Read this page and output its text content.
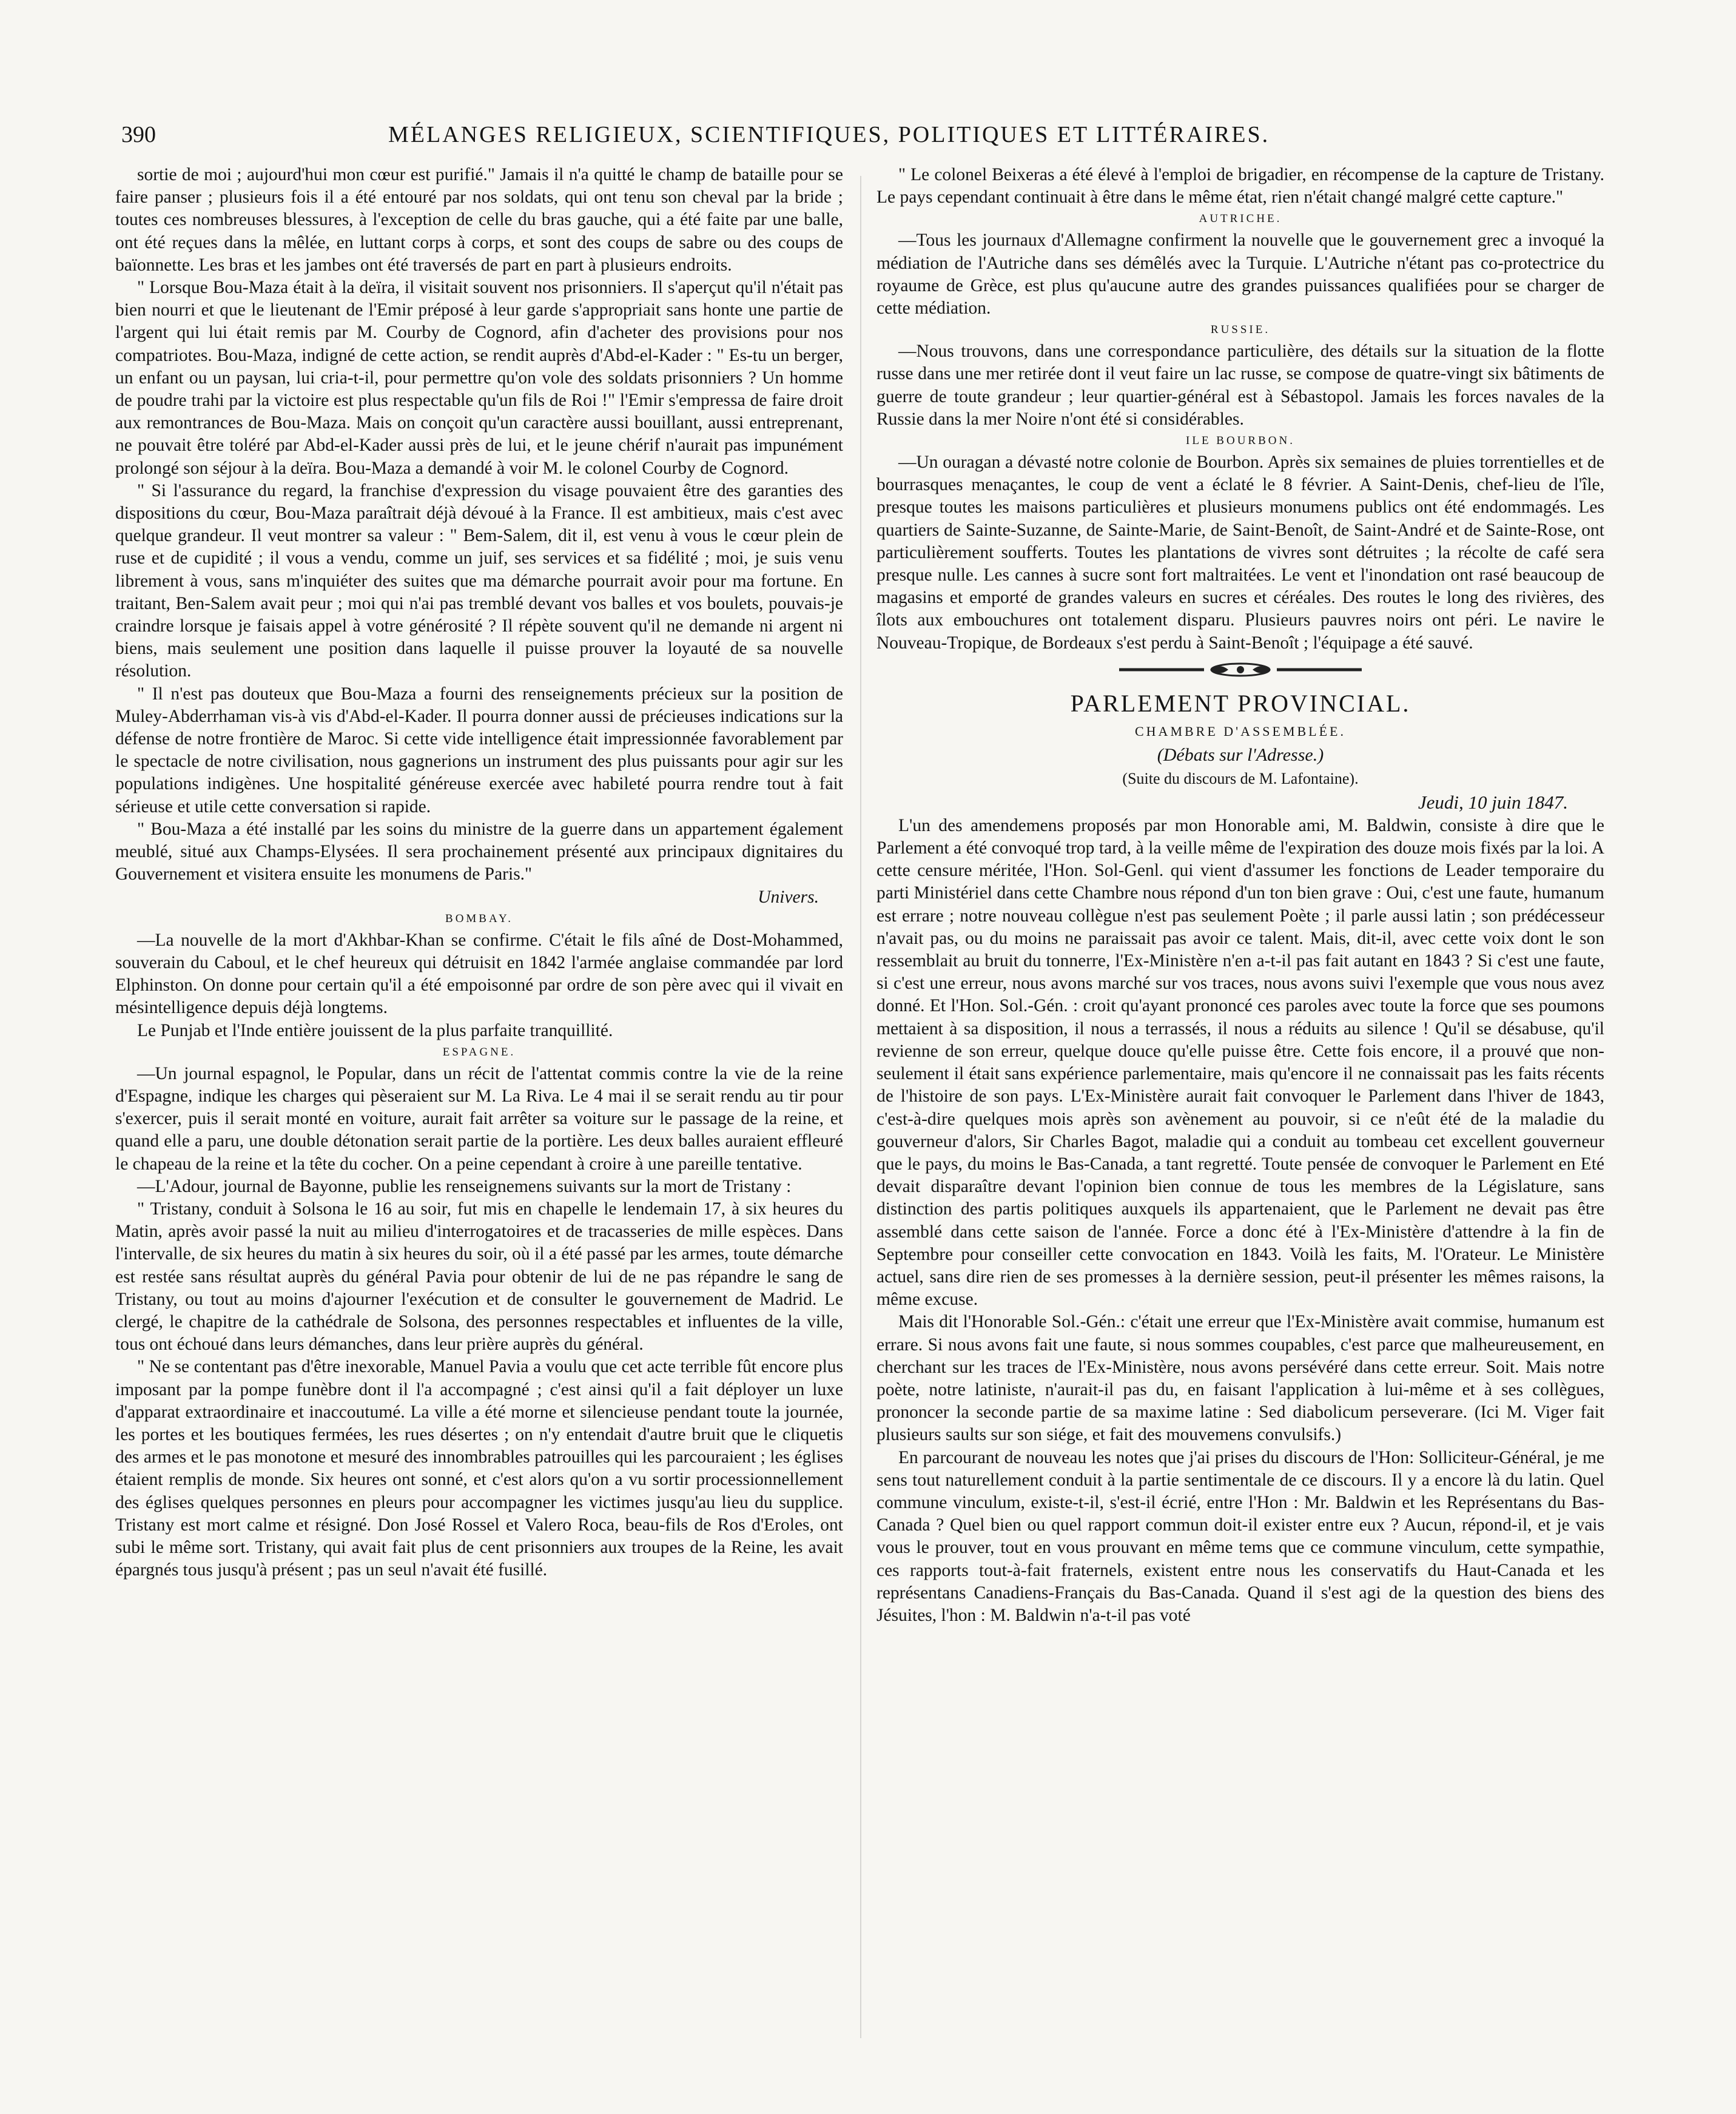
390	MÉLANGES RELIGIEUX, SCIENTIFIQUES, POLITIQUES ET LITTÉRAIRES.

sortie de moi ; aujourd'hui mon cœur est purifié." Jamais il n'a quitté le champ de bataille pour se faire panser ; plusieurs fois il a été entouré par nos soldats, qui ont tenu son cheval par la bride ; toutes ces nombreuses blessures, à l'exception de celle du bras gauche, qui a été faite par une balle, ont été reçues dans la mêlée, en luttant corps à corps, et sont des coups de sabre ou des coups de baïonnette. Les bras et les jambes ont été traversés de part en part à plusieurs endroits.

" Lorsque Bou-Maza était à la deïra, il visitait souvent nos prisonniers. Il s'aperçut qu'il n'était pas bien nourri et que le lieutenant de l'Emir préposé à leur garde s'appropriait sans honte une partie de l'argent qui lui était remis par M. Courby de Cognord, afin d'acheter des provisions pour nos compatriotes. Bou-Maza, indigné de cette action, se rendit auprès d'Abd-el-Kader : " Es-tu un berger, un enfant ou un paysan, lui cria-t-il, pour permettre qu'on vole des soldats prisonniers ? Un homme de poudre trahi par la victoire est plus respectable qu'un fils de Roi !" l'Emir s'empressa de faire droit aux remontrances de Bou-Maza. Mais on conçoit qu'un caractère aussi bouillant, aussi entreprenant, ne pouvait être toléré par Abd-el-Kader aussi près de lui, et le jeune chérif n'aurait pas impunément prolongé son séjour à la deïra. Bou-Maza a demandé à voir M. le colonel Courby de Cognord.

" Si l'assurance du regard, la franchise d'expression du visage pouvaient être des garanties des dispositions du cœur, Bou-Maza paraîtrait déjà dévoué à la France. Il est ambitieux, mais c'est avec quelque grandeur. Il veut montrer sa valeur : " Bem-Salem, dit il, est venu à vous le cœur plein de ruse et de cupidité ; il vous a vendu, comme un juif, ses services et sa fidélité ; moi, je suis venu librement à vous, sans m'inquiéter des suites que ma démarche pourrait avoir pour ma fortune. En traitant, Ben-Salem avait peur ; moi qui n'ai pas tremblé devant vos balles et vos boulets, pouvais-je craindre lorsque je faisais appel à votre générosité ? Il répète souvent qu'il ne demande ni argent ni biens, mais seulement une position dans laquelle il puisse prouver la loyauté de sa nouvelle résolution.

" Il n'est pas douteux que Bou-Maza a fourni des renseignements précieux sur la position de Muley-Abderrhaman vis-à vis d'Abd-el-Kader. Il pourra donner aussi de précieuses indications sur la défense de notre frontière de Maroc. Si cette vide intelligence était impressionnée favorablement par le spectacle de notre civilisation, nous gagnerions un instrument des plus puissants pour agir sur les populations indigènes. Une hospitalité généreuse exercée avec habileté pourra rendre tout à fait sérieuse et utile cette conversation si rapide.

" Bou-Maza a été installé par les soins du ministre de la guerre dans un appartement également meublé, situé aux Champs-Elysées. Il sera prochainement présenté aux principaux dignitaires du Gouvernement et visitera ensuite les monumens de Paris."

Univers.

BOMBAY.

—La nouvelle de la mort d'Akhbar-Khan se confirme. C'était le fils aîné de Dost-Mohammed, souverain du Caboul, et le chef heureux qui détruisit en 1842 l'armée anglaise commandée par lord Elphinston. On donne pour certain qu'il a été empoisonné par ordre de son père avec qui il vivait en mésintelligence depuis déjà longtems.

Le Punjab et l'Inde entière jouissent de la plus parfaite tranquillité.

ESPAGNE.

—Un journal espagnol, le Popular, dans un récit de l'attentat commis contre la vie de la reine d'Espagne, indique les charges qui pèseraient sur M. La Riva. Le 4 mai il se serait rendu au tir pour s'exercer, puis il serait monté en voiture, aurait fait arrêter sa voiture sur le passage de la reine, et quand elle a paru, une double détonation serait partie de la portière. Les deux balles auraient effleuré le chapeau de la reine et la tête du cocher. On a peine cependant à croire à une pareille tentative.

—L'Adour, journal de Bayonne, publie les renseignemens suivants sur la mort de Tristany :

" Tristany, conduit à Solsona le 16 au soir, fut mis en chapelle le lendemain 17, à six heures du Matin, après avoir passé la nuit au milieu d'interrogatoires et de tracasseries de mille espèces. Dans l'intervalle, de six heures du matin à six heures du soir, où il a été passé par les armes, toute démarche est restée sans résultat auprès du général Pavia pour obtenir de lui de ne pas répandre le sang de Tristany, ou tout au moins d'ajourner l'exécution et de consulter le gouvernement de Madrid. Le clergé, le chapitre de la cathédrale de Solsona, des personnes respectables et influentes de la ville, tous ont échoué dans leurs démanches, dans leur prière auprès du général.

" Ne se contentant pas d'être inexorable, Manuel Pavia a voulu que cet acte terrible fût encore plus imposant par la pompe funèbre dont il l'a accompagné ; c'est ainsi qu'il a fait déployer un luxe d'apparat extraordinaire et inaccoutumé. La ville a été morne et silencieuse pendant toute la journée, les portes et les boutiques fermées, les rues désertes ; on n'y entendait d'autre bruit que le cliquetis des armes et le pas monotone et mesuré des innombrables patrouilles qui les parcouraient ; les églises étaient remplis de monde. Six heures ont sonné, et c'est alors qu'on a vu sortir processionnellement des églises quelques personnes en pleurs pour accompagner les victimes jusqu'au lieu du supplice. Tristany est mort calme et résigné. Don José Rossel et Valero Roca, beau-fils de Ros d'Eroles, ont subi le même sort. Tristany, qui avait fait plus de cent prisonniers aux troupes de la Reine, les avait épargnés tous jusqu'à présent ; pas un seul n'avait été fusillé.

" Le colonel Beixeras a été élevé à l'emploi de brigadier, en récompense de la capture de Tristany. Le pays cependant continuait à être dans le même état, rien n'était changé malgré cette capture."

AUTRICHE.

—Tous les journaux d'Allemagne confirment la nouvelle que le gouvernement grec a invoqué la médiation de l'Autriche dans ses démêlés avec la Turquie. L'Autriche n'étant pas co-protectrice du royaume de Grèce, est plus qu'aucune autre des grandes puissances qualifiées pour se charger de cette médiation.

RUSSIE.

—Nous trouvons, dans une correspondance particulière, des détails sur la situation de la flotte russe dans une mer retirée dont il veut faire un lac russe, se compose de quatre-vingt six bâtiments de guerre de toute grandeur ; leur quartier-général est à Sébastopol. Jamais les forces navales de la Russie dans la mer Noire n'ont été si considérables.

ILE BOURBON.

—Un ouragan a dévasté notre colonie de Bourbon. Après six semaines de pluies torrentielles et de bourrasques menaçantes, le coup de vent a éclaté le 8 février. A Saint-Denis, chef-lieu de l'île, presque toutes les maisons particulières et plusieurs monumens publics ont été endommagés. Les quartiers de Sainte-Suzanne, de Sainte-Marie, de Saint-Benoît, de Saint-André et de Sainte-Rose, ont particulièrement soufferts. Toutes les plantations de vivres sont détruites ; la récolte de café sera presque nulle. Les cannes à sucre sont fort maltraitées. Le vent et l'inondation ont rasé beaucoup de magasins et emporté de grandes valeurs en sucres et céréales. Des routes le long des rivières, des îlots aux embouchures ont totalement disparu. Plusieurs pauvres noirs ont péri. Le navire le Nouveau-Tropique, de Bordeaux s'est perdu à Saint-Benoît ; l'équipage a été sauvé.

PARLEMENT PROVINCIAL.

CHAMBRE D'ASSEMBLÉE.

(Débats sur l'Adresse.)

(Suite du discours de M. Lafontaine).

Jeudi, 10 juin 1847.

L'un des amendemens proposés par mon Honorable ami, M. Baldwin, consiste à dire que le Parlement a été convoqué trop tard, à la veille même de l'expiration des douze mois fixés par la loi. A cette censure méritée, l'Hon. Sol-Genl. qui vient d'assumer les fonctions de Leader temporaire du parti Ministériel dans cette Chambre nous répond d'un ton bien grave : Oui, c'est une faute, humanum est errare ; notre nouveau collègue n'est pas seulement Poète ; il parle aussi latin ; son prédécesseur n'avait pas, ou du moins ne paraissait pas avoir ce talent. Mais, dit-il, avec cette voix dont le son ressemblait au bruit du tonnerre, l'Ex-Ministère n'en a-t-il pas fait autant en 1843 ? Si c'est une faute, si c'est une erreur, nous avons marché sur vos traces, nous avons suivi l'exemple que vous nous avez donné. Et l'Hon. Sol.-Gén. : croit qu'ayant prononcé ces paroles avec toute la force que ses poumons mettaient à sa disposition, il nous a terrassés, il nous a réduits au silence ! Qu'il se désabuse, qu'il revienne de son erreur, quelque douce qu'elle puisse être. Cette fois encore, il a prouvé que non-seulement il était sans expérience parlementaire, mais qu'encore il ne connaissait pas les faits récents de l'histoire de son pays. L'Ex-Ministère aurait fait convoquer le Parlement dans l'hiver de 1843, c'est-à-dire quelques mois après son avènement au pouvoir, si ce n'eût été de la maladie du gouverneur d'alors, Sir Charles Bagot, maladie qui a conduit au tombeau cet excellent gouverneur que le pays, du moins le Bas-Canada, a tant regretté. Toute pensée de convoquer le Parlement en Eté devait disparaître devant l'opinion bien connue de tous les membres de la Législature, sans distinction des partis politiques auxquels ils appartenaient, que le Parlement ne devait pas être assemblé dans cette saison de l'année. Force a donc été à l'Ex-Ministère d'attendre à la fin de Septembre pour conseiller cette convocation en 1843. Voilà les faits, M. l'Orateur. Le Ministère actuel, sans dire rien de ses promesses à la dernière session, peut-il présenter les mêmes raisons, la même excuse.

Mais dit l'Honorable Sol.-Gén.: c'était une erreur que l'Ex-Ministère avait commise, humanum est errare. Si nous avons fait une faute, si nous sommes coupables, c'est parce que malheureusement, en cherchant sur les traces de l'Ex-Ministère, nous avons persévéré dans cette erreur. Soit. Mais notre poète, notre latiniste, n'aurait-il pas du, en faisant l'application à lui-même et à ses collègues, prononcer la seconde partie de sa maxime latine : Sed diabolicum perseverare. (Ici M. Viger fait plusieurs saults sur son siége, et fait des mouvemens convulsifs.)

En parcourant de nouveau les notes que j'ai prises du discours de l'Hon: Solliciteur-Général, je me sens tout naturellement conduit à la partie sentimentale de ce discours. Il y a encore là du latin. Quel commune vinculum, existe-t-il, s'est-il écrié, entre l'Hon : Mr. Baldwin et les Représentans du Bas-Canada ? Quel bien ou quel rapport commun doit-il exister entre eux ? Aucun, répond-il, et je vais vous le prouver, tout en vous prouvant en même tems que ce commune vinculum, cette sympathie, ces rapports tout-à-fait fraternels, existent entre nous les conservatifs du Haut-Canada et les représentans Canadiens-Français du Bas-Canada. Quand il s'est agi de la question des biens des Jésuites, l'hon : M. Baldwin n'a-t-il pas voté
